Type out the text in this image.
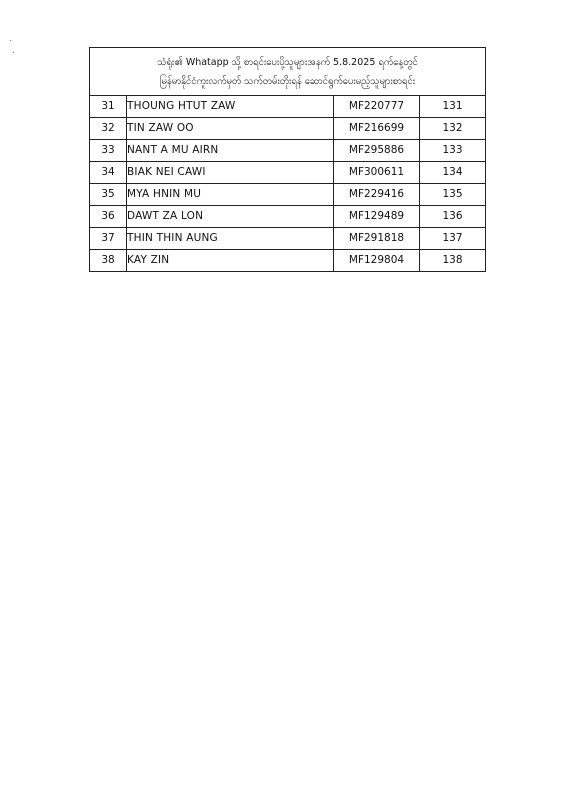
သံရုံး၏ Whatapp သို့ စာရင်းပေးပို့သူများအနက် 5.8.2025 ရက်နေ့တွင်
မြန်မာနိုင်ငံကူးလက်မှတ် သက်တမ်းတိုးရန် ဆောင်ရွက်ပေးမည့်သူများစာရင်း			

31	THOUNG HTUT ZAW	MF220777	131
32	TIN ZAW OO	MF216699	132
33	NANT A MU AIRN	MF295886	133
34	BIAK NEI CAWI	MF300611	134
35	MYA HNIN MU	MF229416	135
36	DAWT ZA LON	MF129489	136
37	THIN THIN AUNG	MF291818	137
38	KAY ZIN	MF129804	138
